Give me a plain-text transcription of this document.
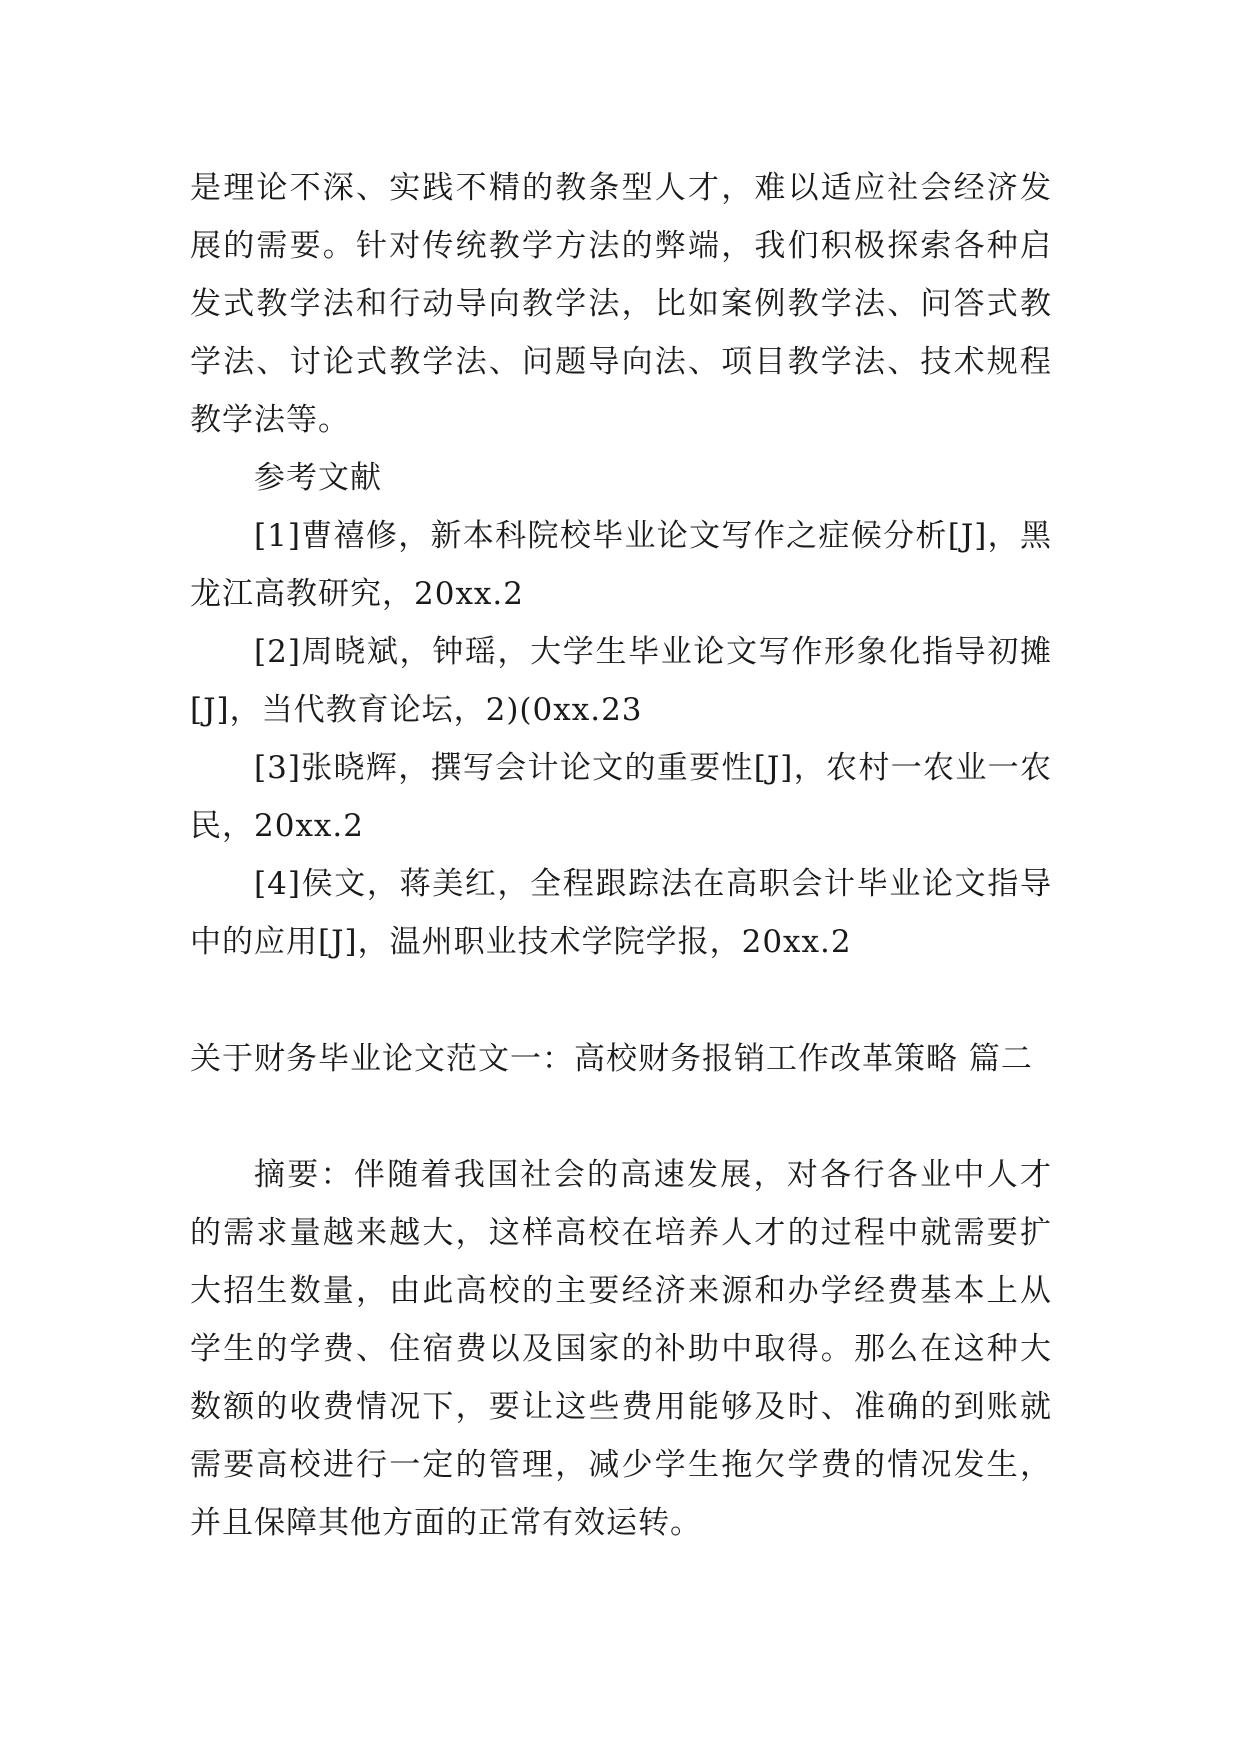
是理论不深、实践不精的教条型人才，难以适应社会经济发展的需要。针对传统教学方法的弊端，我们积极探索各种启发式教学法和行动导向教学法，比如案例教学法、问答式教学法、讨论式教学法、问题导向法、项目教学法、技术规程教学法等。

参考文献

[1]曹禧修，新本科院校毕业论文写作之症候分析[J]，黑龙江高教研究，20xx.2

[2]周晓斌，钟瑶，大学生毕业论文写作形象化指导初摊[J]，当代教育论坛，2)(0xx.23

[3]张晓辉，撰写会计论文的重要性[J]，农村一农业一农民，20xx.2

[4]侯文，蒋美红，全程跟踪法在高职会计毕业论文指导中的应用[J]，温州职业技术学院学报，20xx.2

关于财务毕业论文范文一：高校财务报销工作改革策略 篇二

摘要：伴随着我国社会的高速发展，对各行各业中人才的需求量越来越大，这样高校在培养人才的过程中就需要扩大招生数量，由此高校的主要经济来源和办学经费基本上从学生的学费、住宿费以及国家的补助中取得。那么在这种大数额的收费情况下，要让这些费用能够及时、准确的到账就需要高校进行一定的管理，减少学生拖欠学费的情况发生，并且保障其他方面的正常有效运转。
